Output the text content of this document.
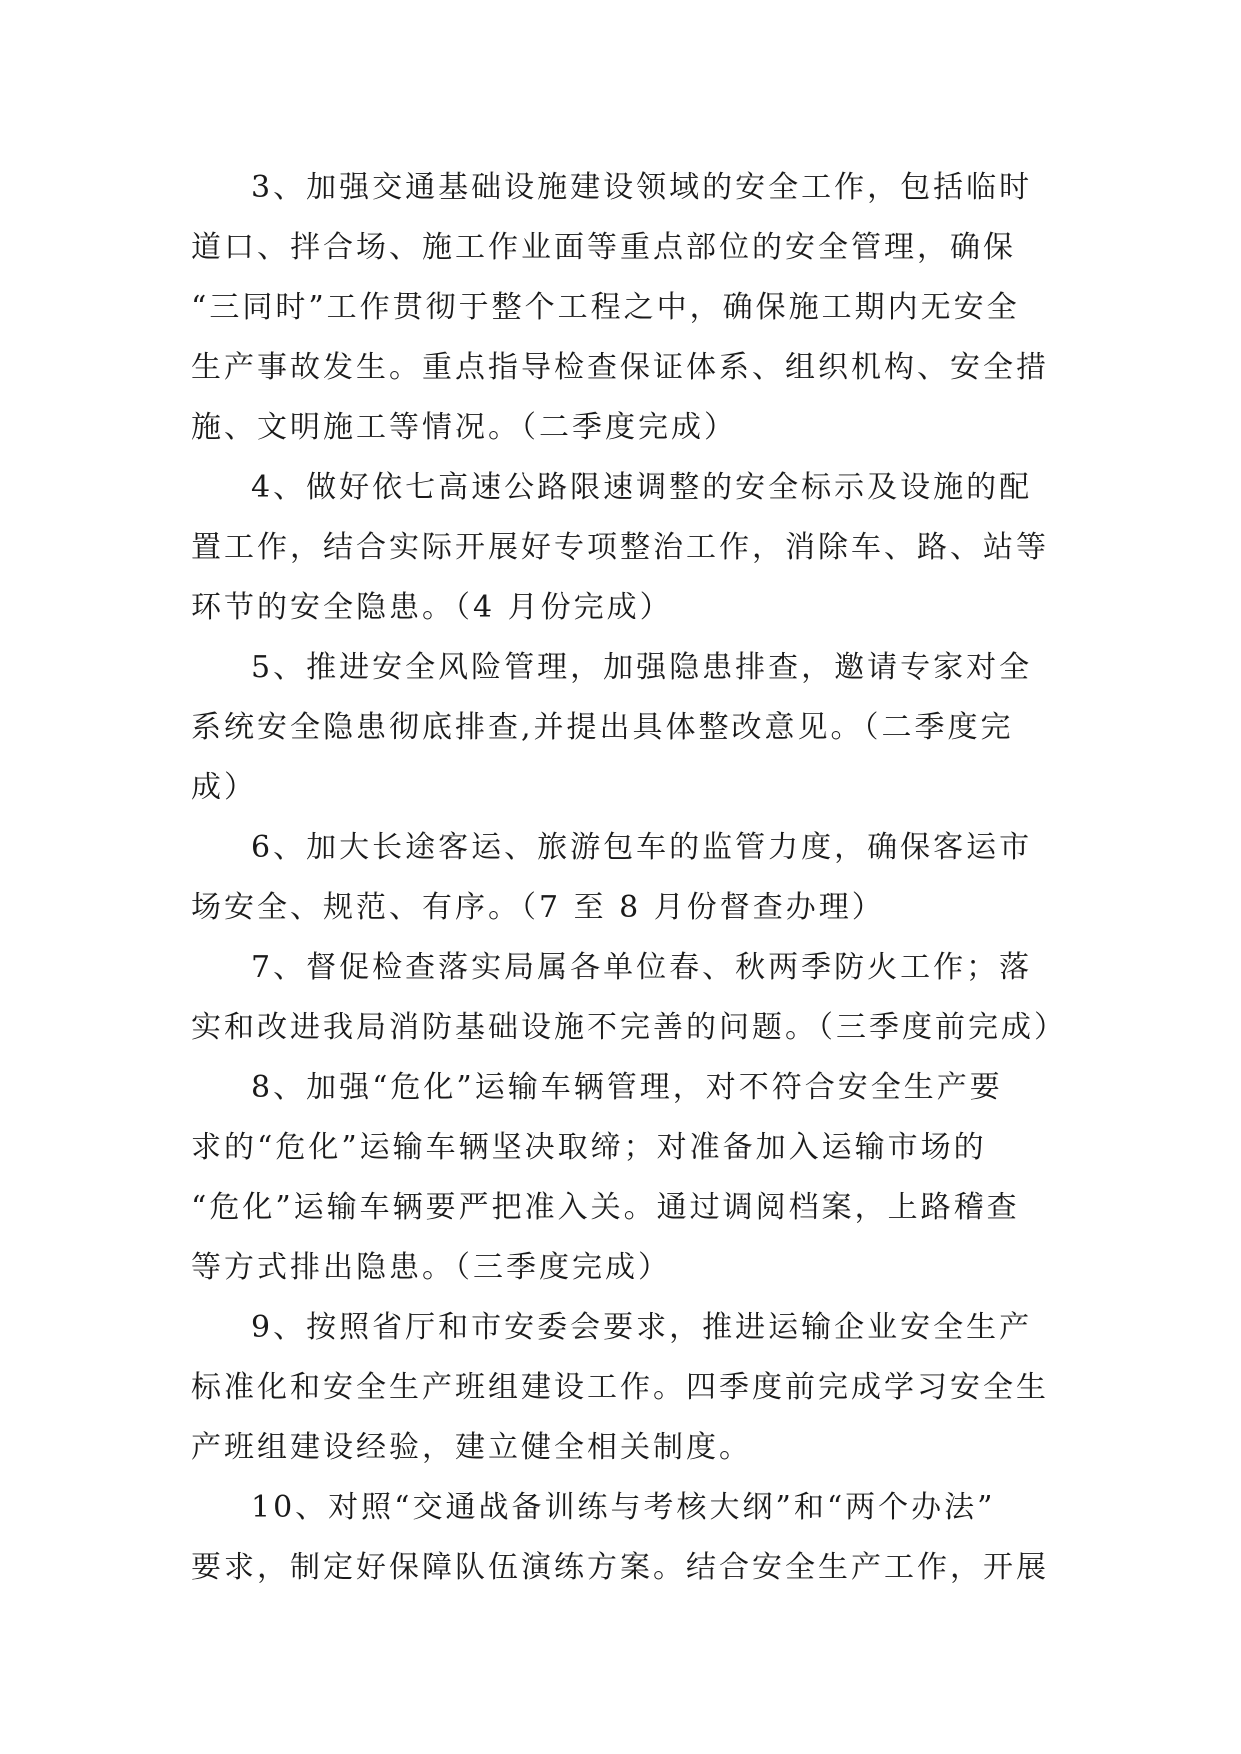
3、加强交通基础设施建设领域的安全工作，包括临时
道口、拌合场、施工作业面等重点部位的安全管理，确保
“三同时”工作贯彻于整个工程之中，确保施工期内无安全
生产事故发生。重点指导检查保证体系、组织机构、安全措
施、文明施工等情况。（二季度完成）
4、做好依七高速公路限速调整的安全标示及设施的配
置工作，结合实际开展好专项整治工作，消除车、路、站等
环节的安全隐患。（4 月份完成）
5、推进安全风险管理，加强隐患排查，邀请专家对全
系统安全隐患彻底排查,并提出具体整改意见。（二季度完
成）
6、加大长途客运、旅游包车的监管力度，确保客运市
场安全、规范、有序。（7 至 8 月份督查办理）
7、督促检查落实局属各单位春、秋两季防火工作；落
实和改进我局消防基础设施不完善的问题。（三季度前完成）
8、加强“危化”运输车辆管理，对不符合安全生产要
求的“危化”运输车辆坚决取缔；对准备加入运输市场的
“危化”运输车辆要严把准入关。通过调阅档案，上路稽查
等方式排出隐患。（三季度完成）
9、按照省厅和市安委会要求，推进运输企业安全生产
标准化和安全生产班组建设工作。四季度前完成学习安全生
产班组建设经验，建立健全相关制度。
10、对照“交通战备训练与考核大纲”和“两个办法”
要求，制定好保障队伍演练方案。结合安全生产工作，开展
